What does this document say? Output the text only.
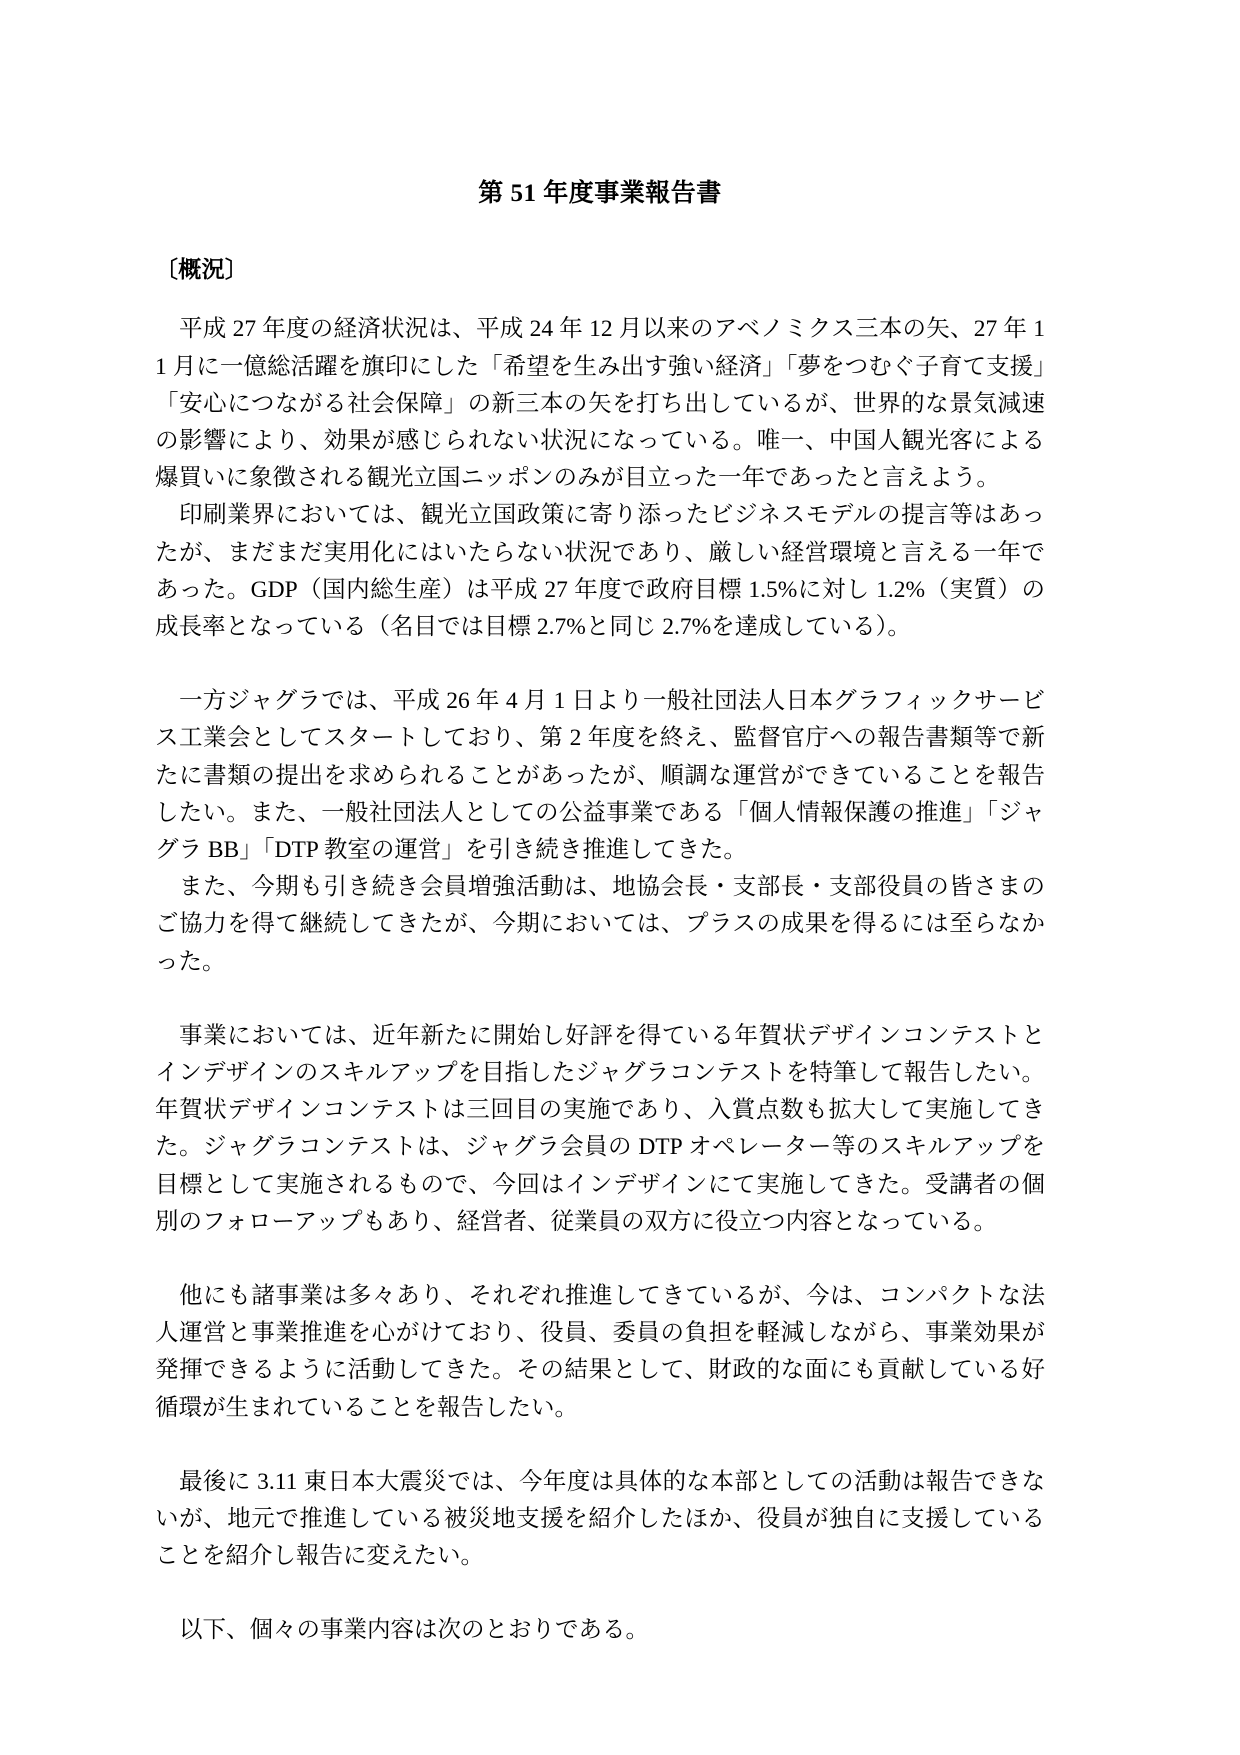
第 51 年度事業報告書
〔概況〕

平成 27 年度の経済状況は、平成 24 年 12 月以来のアベノミクス三本の矢、27 年 11 月に一億総活躍を旗印にした「希望を生み出す強い経済」「夢をつむぐ子育て支援」「安心につながる社会保障」の新三本の矢を打ち出しているが、世界的な景気減速の影響により、効果が感じられない状況になっている。唯一、中国人観光客による爆買いに象徴される観光立国ニッポンのみが目立った一年であったと言えよう。

印刷業界においては、観光立国政策に寄り添ったビジネスモデルの提言等はあったが、まだまだ実用化にはいたらない状況であり、厳しい経営環境と言える一年であった。GDP（国内総生産）は平成 27 年度で政府目標 1.5%に対し 1.2%（実質）の成長率となっている（名目では目標 2.7%と同じ 2.7%を達成している）。

一方ジャグラでは、平成 26 年 4 月 1 日より一般社団法人日本グラフィックサービス工業会としてスタートしており、第 2 年度を終え、監督官庁への報告書類等で新たに書類の提出を求められることがあったが、順調な運営ができていることを報告したい。また、一般社団法人としての公益事業である「個人情報保護の推進」「ジャグラ BB」「DTP 教室の運営」を引き続き推進してきた。

また、今期も引き続き会員増強活動は、地協会長・支部長・支部役員の皆さまのご協力を得て継続してきたが、今期においては、プラスの成果を得るには至らなかった。

事業においては、近年新たに開始し好評を得ている年賀状デザインコンテストとインデザインのスキルアップを目指したジャグラコンテストを特筆して報告したい。年賀状デザインコンテストは三回目の実施であり、入賞点数も拡大して実施してきた。ジャグラコンテストは、ジャグラ会員の DTP オペレーター等のスキルアップを目標として実施されるもので、今回はインデザインにて実施してきた。受講者の個別のフォローアップもあり、経営者、従業員の双方に役立つ内容となっている。

他にも諸事業は多々あり、それぞれ推進してきているが、今は、コンパクトな法人運営と事業推進を心がけており、役員、委員の負担を軽減しながら、事業効果が発揮できるように活動してきた。その結果として、財政的な面にも貢献している好循環が生まれていることを報告したい。

最後に 3.11 東日本大震災では、今年度は具体的な本部としての活動は報告できないが、地元で推進している被災地支援を紹介したほか、役員が独自に支援していることを紹介し報告に変えたい。

以下、個々の事業内容は次のとおりである。
